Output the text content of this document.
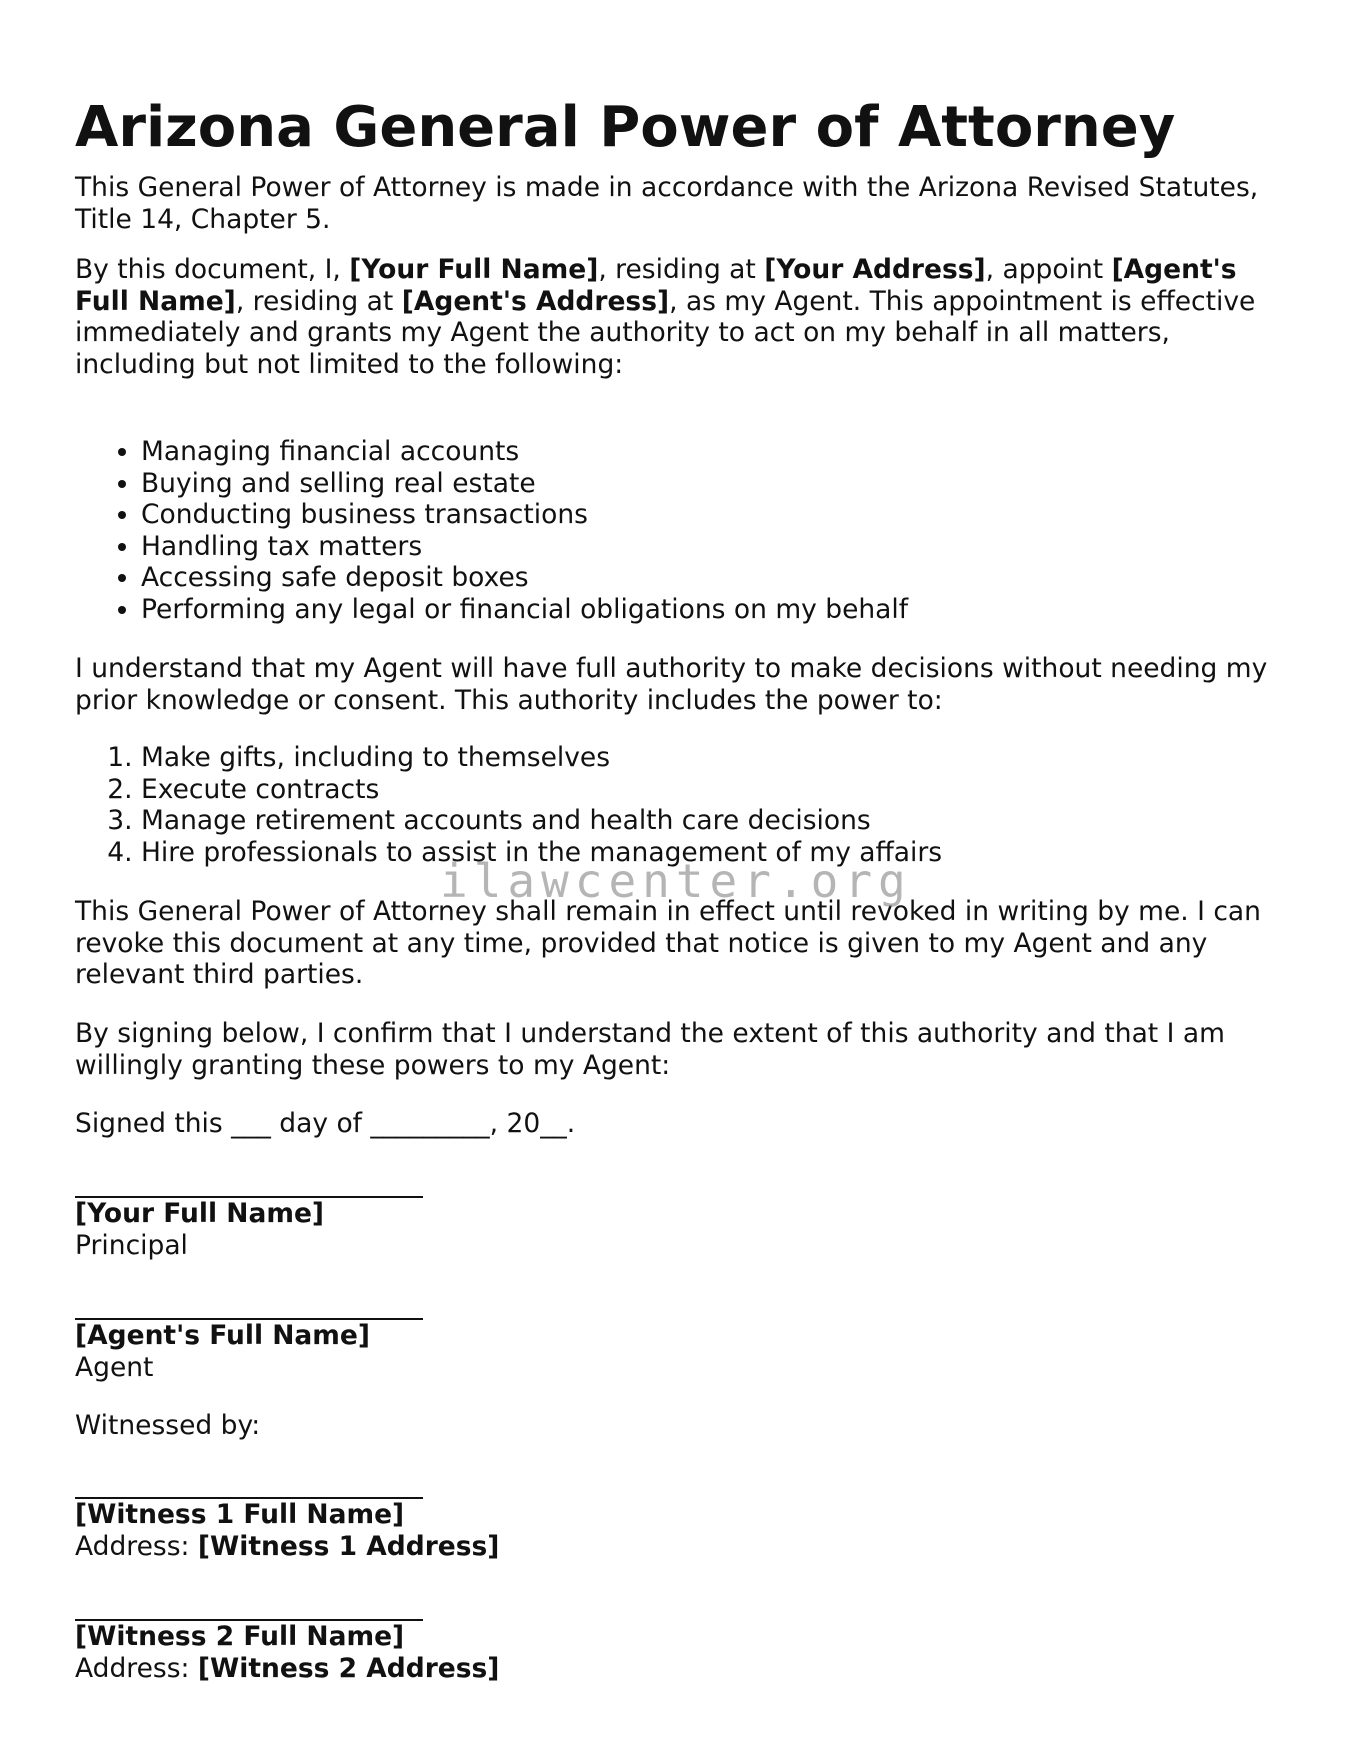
Arizona General Power of Attorney

This General Power of Attorney is made in accordance with the Arizona Revised Statutes, Title 14, Chapter 5.

By this document, I, [Your Full Name], residing at [Your Address], appoint [Agent's Full Name], residing at [Agent's Address], as my Agent. This appointment is effective immediately and grants my Agent the authority to act on my behalf in all matters, including but not limited to the following:

• Managing financial accounts
• Buying and selling real estate
• Conducting business transactions
• Handling tax matters
• Accessing safe deposit boxes
• Performing any legal or financial obligations on my behalf

I understand that my Agent will have full authority to make decisions without needing my prior knowledge or consent. This authority includes the power to:

1. Make gifts, including to themselves
2. Execute contracts
3. Manage retirement accounts and health care decisions
4. Hire professionals to assist in the management of my affairs

This General Power of Attorney shall remain in effect until revoked in writing by me. I can revoke this document at any time, provided that notice is given to my Agent and any relevant third parties.

By signing below, I confirm that I understand the extent of this authority and that I am willingly granting these powers to my Agent:

Signed this ___ day of _________, 20__.

[Your Full Name]
Principal
[Agent's Full Name]
Agent
Witnessed by:
[Witness 1 Full Name]
Address: [Witness 1 Address]
[Witness 2 Full Name]
Address: [Witness 2 Address]
ilawcenter.org
